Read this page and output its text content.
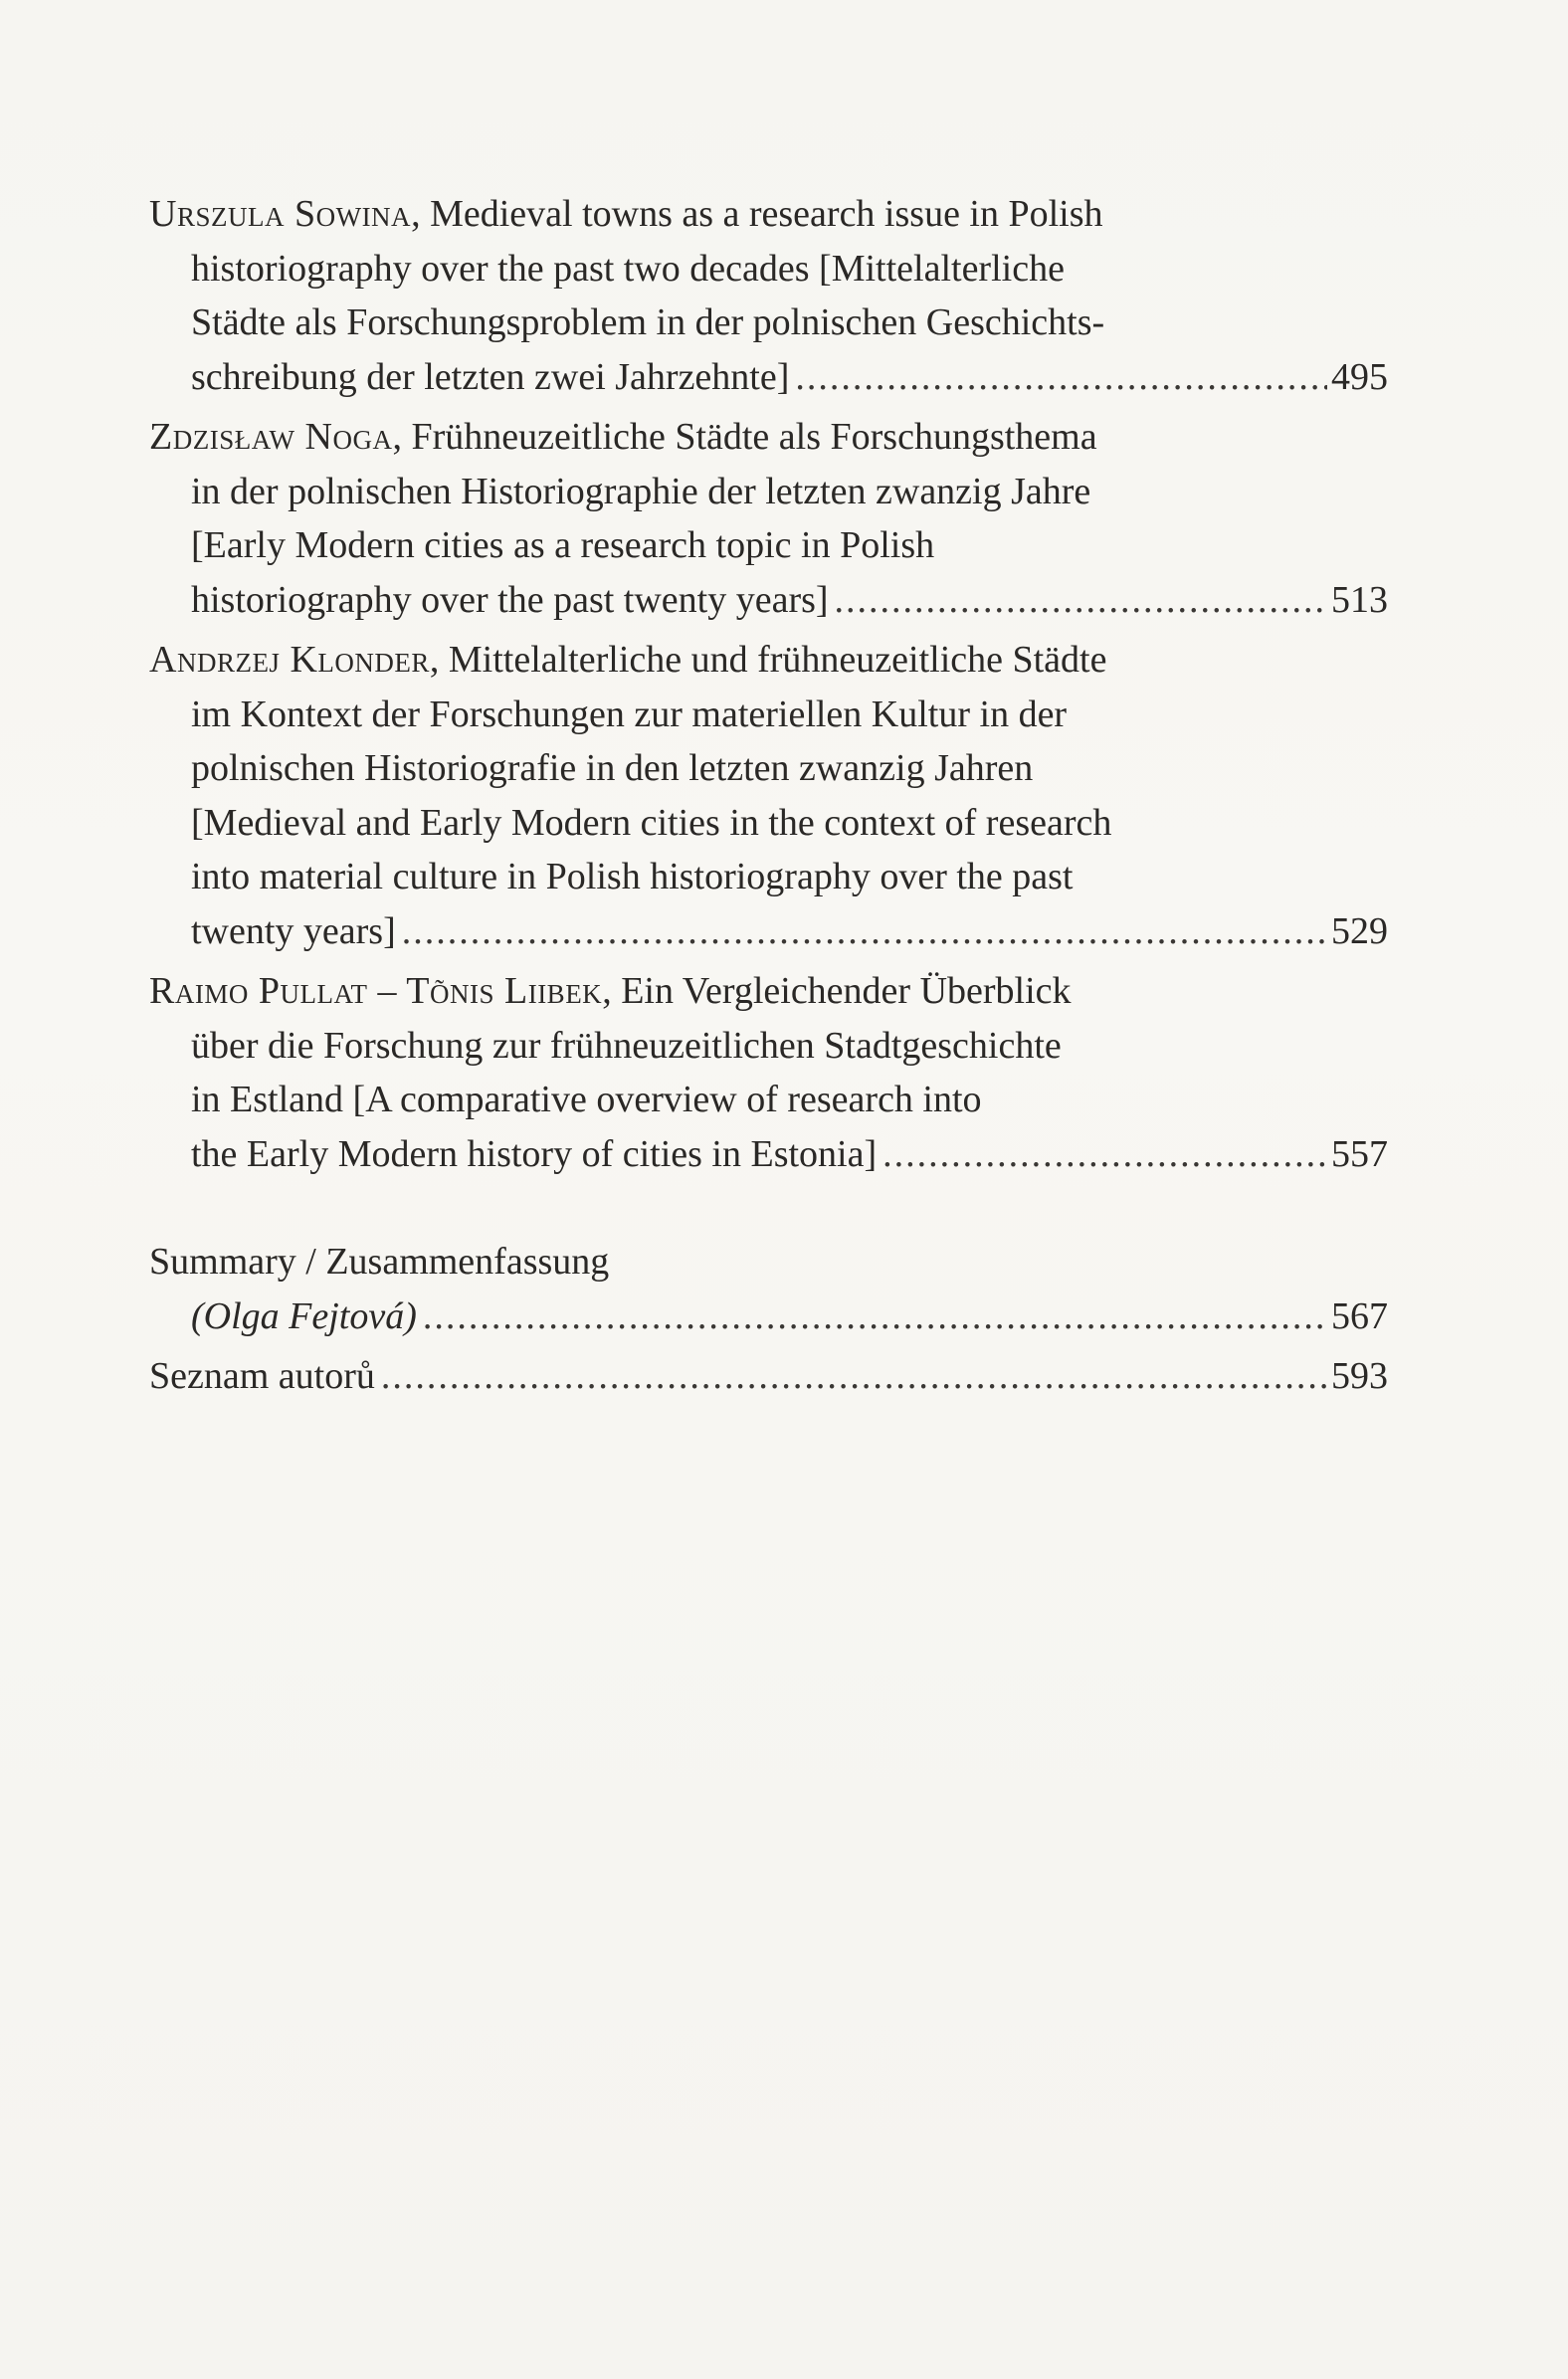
Urszula Sowina, Medieval towns as a research issue in Polish
historiography over the past two decades [Mittelalterliche
Städte als Forschungsproblem in der polnischen Geschichts-
schreibung der letzten zwei Jahrzehnte] .....	495
Zdzisław Noga, Frühneuzeitliche Städte als Forschungsthema
in der polnischen Historiographie der letzten zwanzig Jahre
[Early Modern cities as a research topic in Polish
historiography over the past twenty years] .....	513
Andrzej Klonder, Mittelalterliche und frühneuzeitliche Städte
im Kontext der Forschungen zur materiellen Kultur in der
polnischen Historiografie in den letzten zwanzig Jahren
[Medieval and Early Modern cities in the context of research
into material culture in Polish historiography over the past
twenty years] .....	529
Raimo Pullat – Tõnis Liibek, Ein Vergleichender Überblick
über die Forschung zur frühneuzeitlichen Stadtgeschichte
in Estland [A comparative overview of research into
the Early Modern history of cities in Estonia] .....	557
Summary / Zusammenfassung
(Olga Fejtová) .....	567
Seznam autorů .....	593
